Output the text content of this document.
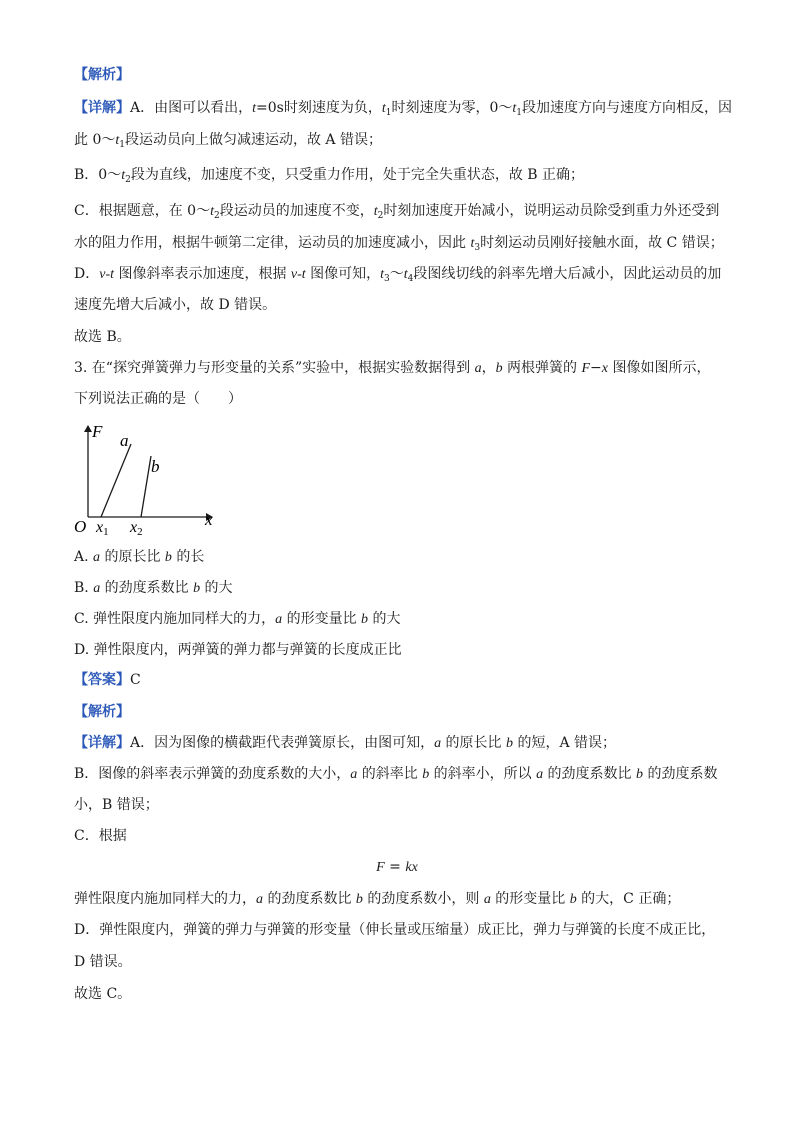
【解析】
【详解】A．由图可以看出，t=0s时刻速度为负，$t_1$时刻速度为零，$0\sim t_1$段加速度方向与速度方向相反，因
此 $0\sim t_1$段运动员向上做匀减速运动，故 A 错误；
B．$0\sim t_2$段为直线，加速度不变，只受重力作用，处于完全失重状态，故 B 正确；
C．根据题意，在 $0\sim t_2$段运动员的加速度不变，$t_2$时刻加速度开始减小，说明运动员除受到重力外还受到
水的阻力作用，根据牛顿第二定律，运动员的加速度减小，因此 $t_3$时刻运动员刚好接触水面，故 C 错误；
D．v-t 图像斜率表示加速度，根据 v-t 图像可知，$t_3\sim t_4$段图线切线的斜率先增大后减小，因此运动员的加
速度先增大后减小，故 D 错误。
故选 B。
3. 在“探究弹簧弹力与形变量的关系”实验中，根据实验数据得到 a，b 两根弹簧的 F−x 图像如图所示，
下列说法正确的是（　　）
F
x
O
a
b
x1 x2
A. a 的原长比 b 的长
B. a 的劲度系数比 b 的大
C. 弹性限度内施加同样大的力，a 的形变量比 b 的大
D. 弹性限度内，两弹簧的弹力都与弹簧的长度成正比
【答案】C
【解析】
【详解】A．因为图像的横截距代表弹簧原长，由图可知，a 的原长比 b 的短，A 错误；
B．图像的斜率表示弹簧的劲度系数的大小，a 的斜率比 b 的斜率小，所以 a 的劲度系数比 b 的劲度系数
小，B 错误；
C．根据
F = kx
弹性限度内施加同样大的力，a 的劲度系数比 b 的劲度系数小，则 a 的形变量比 b 的大，C 正确；
D．弹性限度内，弹簧的弹力与弹簧的形变量（伸长量或压缩量）成正比，弹力与弹簧的长度不成正比，
D 错误。
故选 C。
